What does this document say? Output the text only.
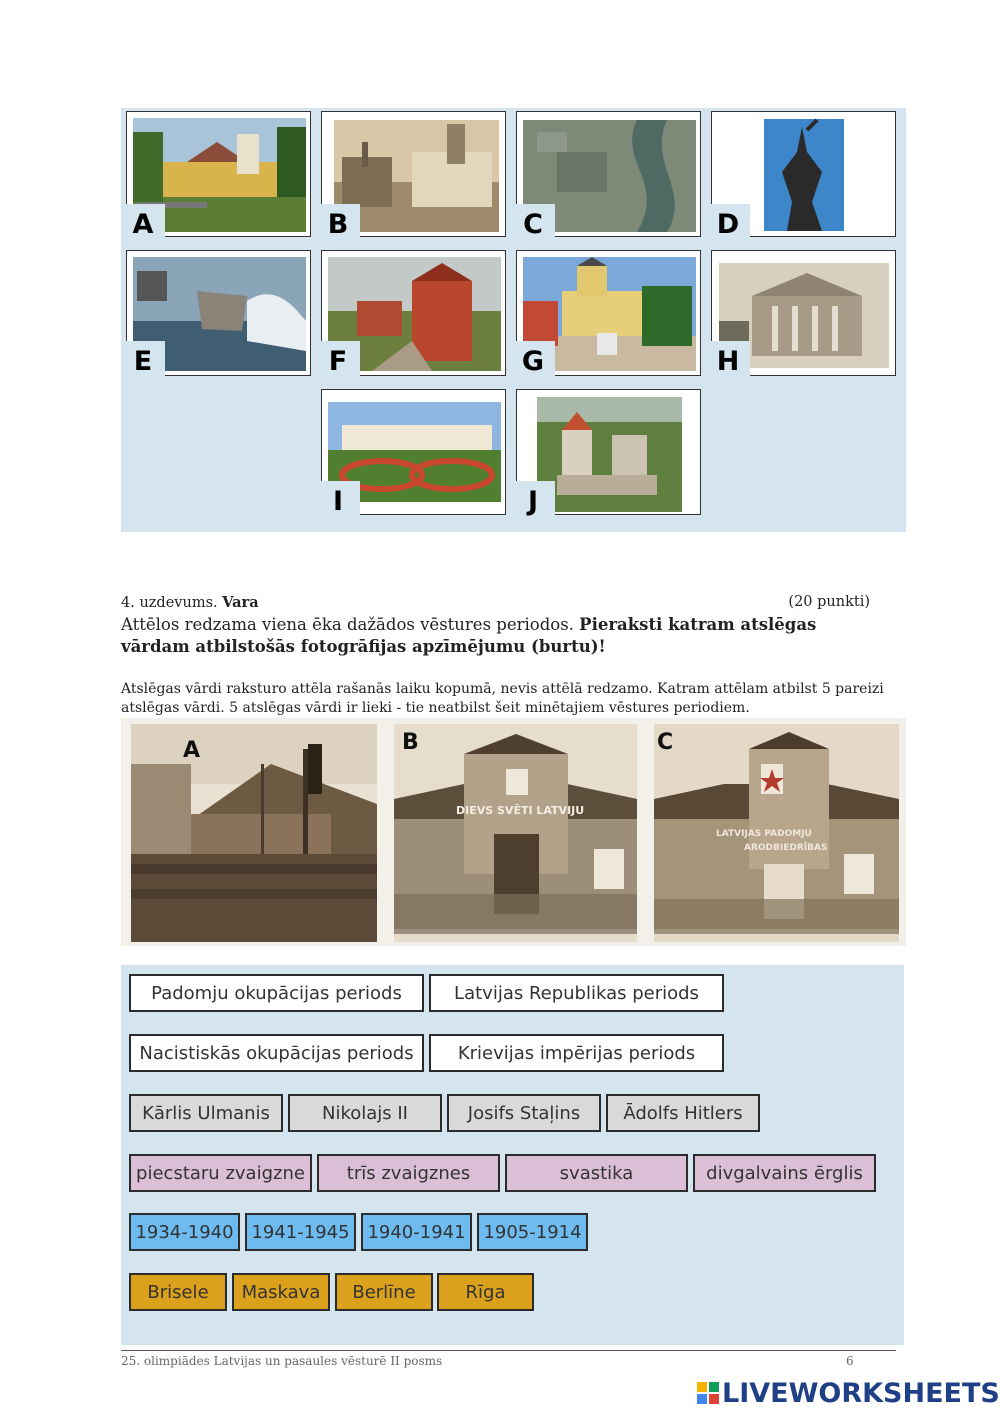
A	B	C	D
E	F	G	H
I	J
4. uzdevums. Vara	(20 punkti)
Attēlos redzama viena ēka dažādos vēstures periodos. Pieraksti katram atslēgas vārdam atbilstošās fotogrāfijas apzīmējumu (burtu)!
Atslēgas vārdi raksturo attēla rašanās laiku kopumā, nevis attēlā redzamo. Katram attēlam atbilst 5 pareizi atslēgas vārdi. 5 atslēgas vārdi ir lieki - tie neatbilst šeit minētajiem vēstures periodiem.
A
DIEVS SVĒTI LATVIJU
B
LATVIJAS PADOMJU
ARODBIEDRĪBAS
C
Padomju okupācijas periods	Latvijas Republikas periods
Nacistiskās okupācijas periods	Krievijas impērijas periods
Kārlis Ulmanis	Nikolajs II	Josifs Staļins	Ādolfs Hitlers
piecstaru zvaigzne	trīs zvaigznes	svastika	divgalvains ērglis
1934-1940 1941-1945 1940-1941 1905-1914
Brisele	Maskava	Berlīne	Rīga
25. olimpiādes Latvijas un pasaules vēsturē II posms	6
LIVEWORKSHEETS
